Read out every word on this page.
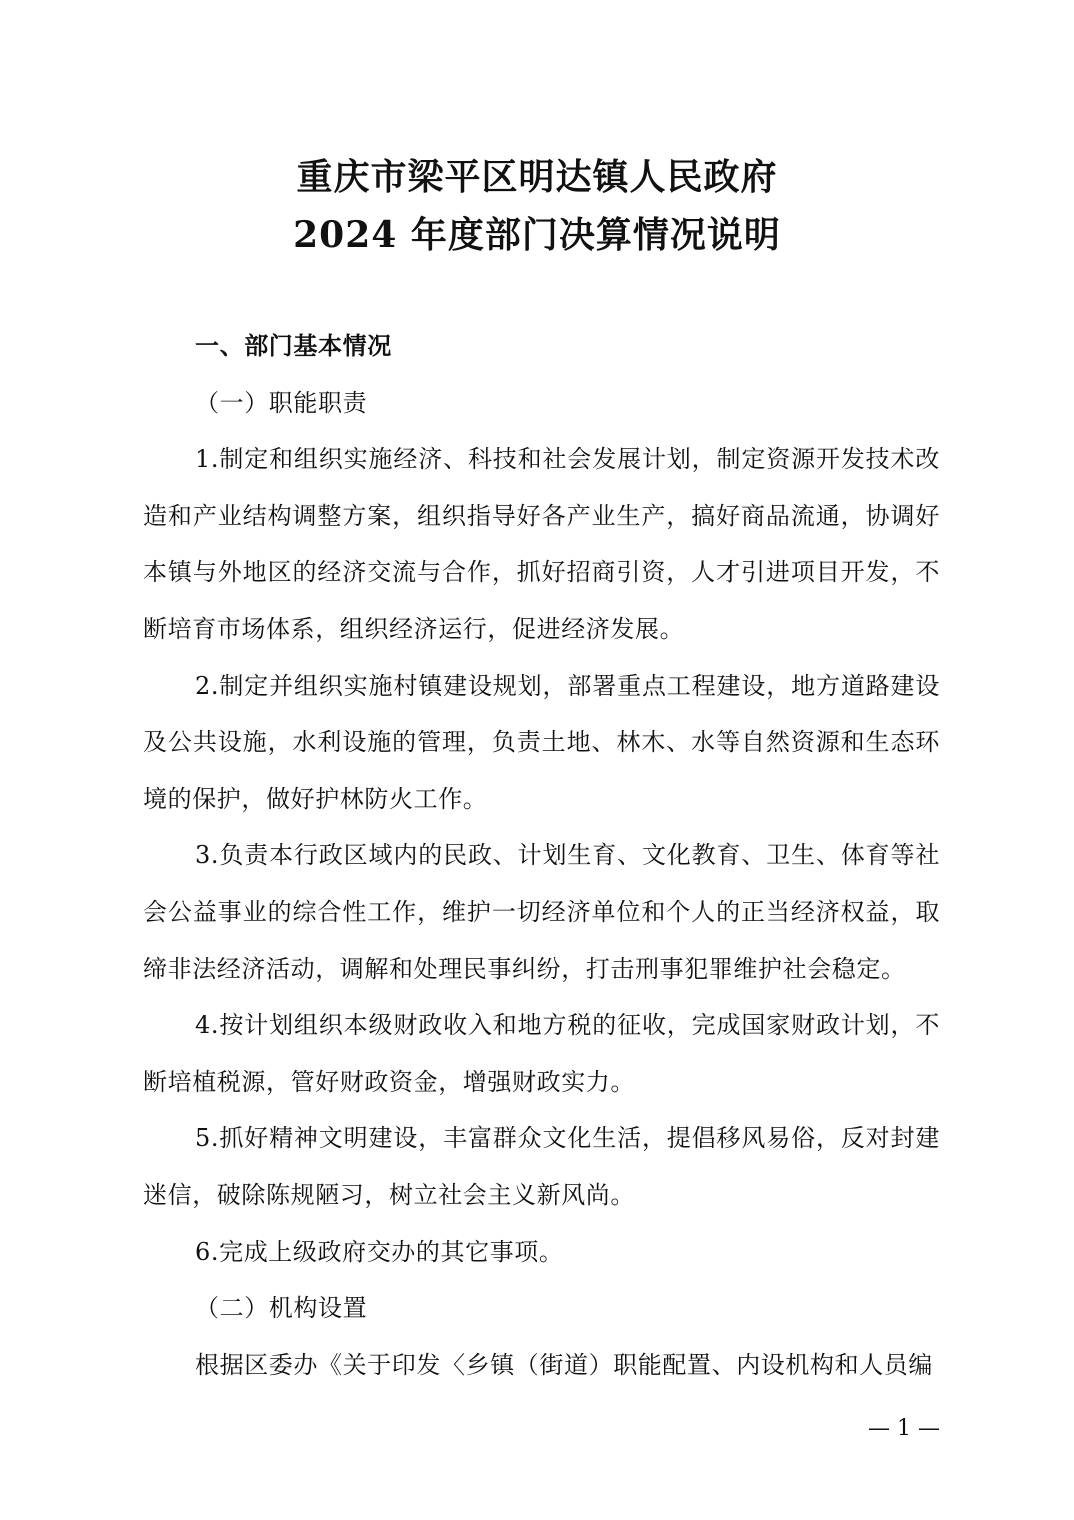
重庆市梁平区明达镇人民政府
2024 年度部门决算情况说明
一、部门基本情况
（一）职能职责
1.制定和组织实施经济、科技和社会发展计划，制定资源开发技术改造和产业结构调整方案，组织指导好各产业生产，搞好商品流通，协调好本镇与外地区的经济交流与合作，抓好招商引资，人才引进项目开发，不断培育市场体系，组织经济运行，促进经济发展。
2.制定并组织实施村镇建设规划，部署重点工程建设，地方道路建设及公共设施，水利设施的管理，负责土地、林木、水等自然资源和生态环境的保护，做好护林防火工作。
3.负责本行政区域内的民政、计划生育、文化教育、卫生、体育等社会公益事业的综合性工作，维护一切经济单位和个人的正当经济权益，取缔非法经济活动，调解和处理民事纠纷，打击刑事犯罪维护社会稳定。
4.按计划组织本级财政收入和地方税的征收，完成国家财政计划，不断培植税源，管好财政资金，增强财政实力。
5.抓好精神文明建设，丰富群众文化生活，提倡移风易俗，反对封建迷信，破除陈规陋习，树立社会主义新风尚。
6.完成上级政府交办的其它事项。
（二）机构设置
根据区委办《关于印发〈乡镇（街道）职能配置、内设机构和人员编
— 1 —
